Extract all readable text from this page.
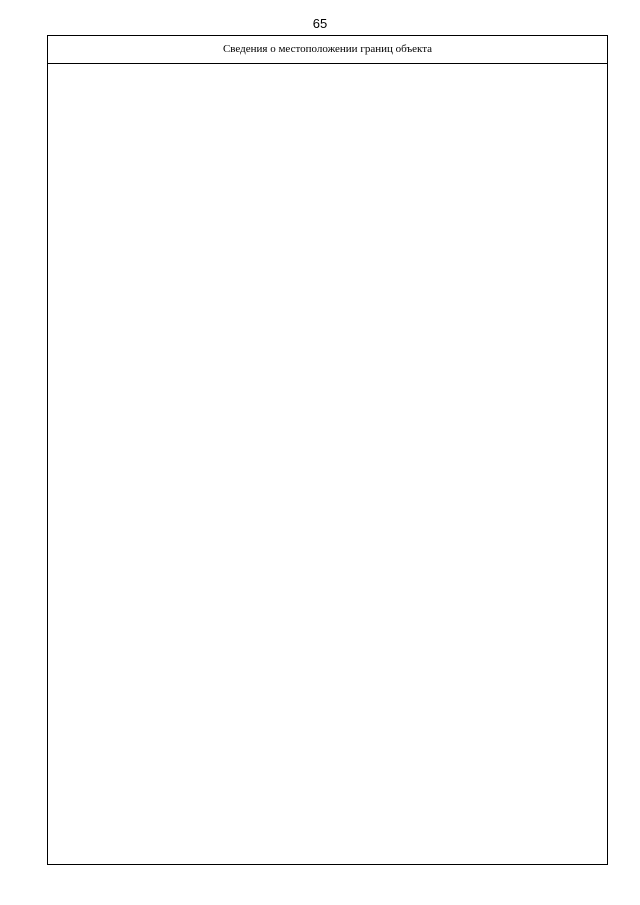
65
Сведения о местоположении границ объекта
